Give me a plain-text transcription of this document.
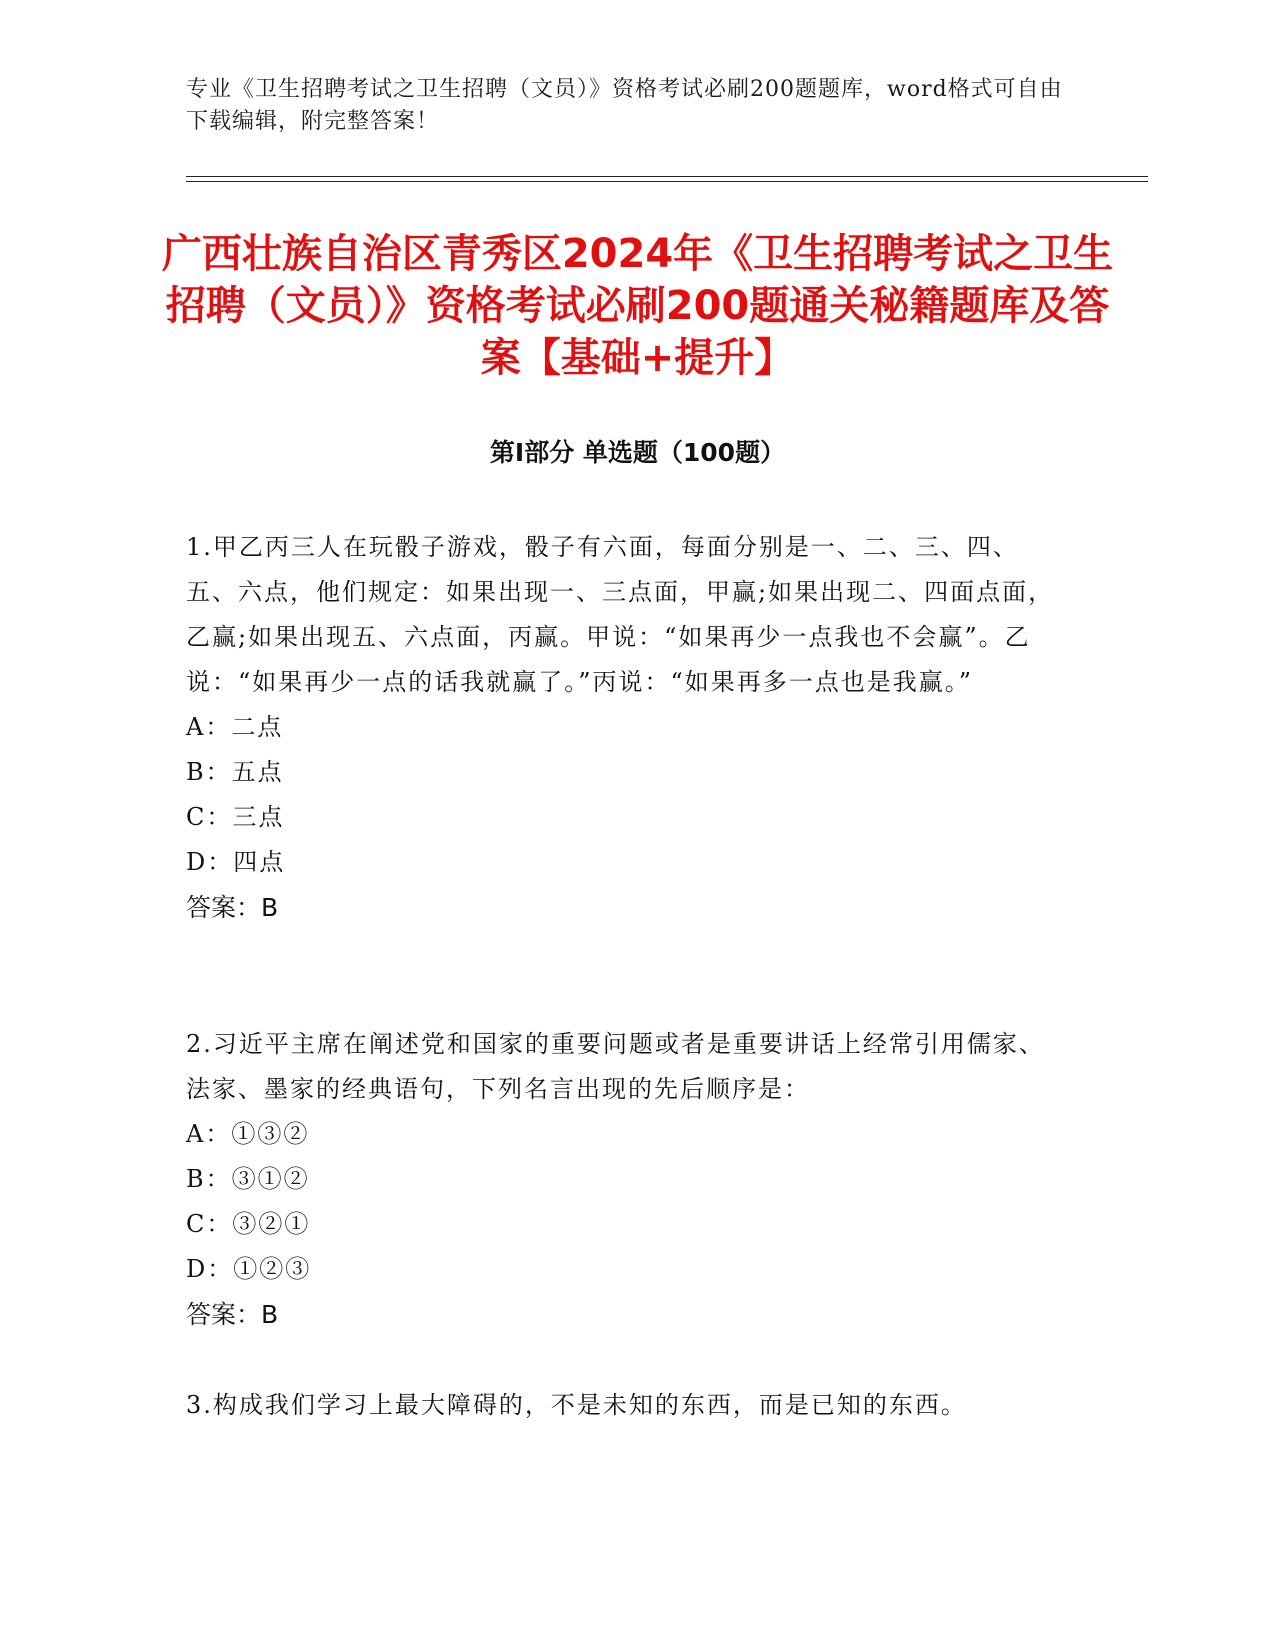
专业《卫生招聘考试之卫生招聘（文员）》资格考试必刷200题题库，word格式可自由下载编辑，附完整答案！
广西壮族自治区青秀区2024年《卫生招聘考试之卫生招聘（文员）》资格考试必刷200题通关秘籍题库及答案【基础+提升】
第Ⅰ部分 单选题（100题）

1.甲乙丙三人在玩骰子游戏，骰子有六面，每面分别是一、二、三、四、五、六点，他们规定：如果出现一、三点面，甲赢;如果出现二、四面点面，乙赢;如果出现五、六点面，丙赢。甲说：“如果再少一点我也不会赢”。乙说：“如果再少一点的话我就赢了。”丙说：“如果再多一点也是我赢。”

A：二点

B：五点

C：三点

D：四点

答案：B

2.习近平主席在阐述党和国家的重要问题或者是重要讲话上经常引用儒家、法家、墨家的经典语句，下列名言出现的先后顺序是：

A：①③②

B：③①②

C：③②①

D：①②③

答案：B

3.构成我们学习上最大障碍的，不是未知的东西，而是已知的东西。
